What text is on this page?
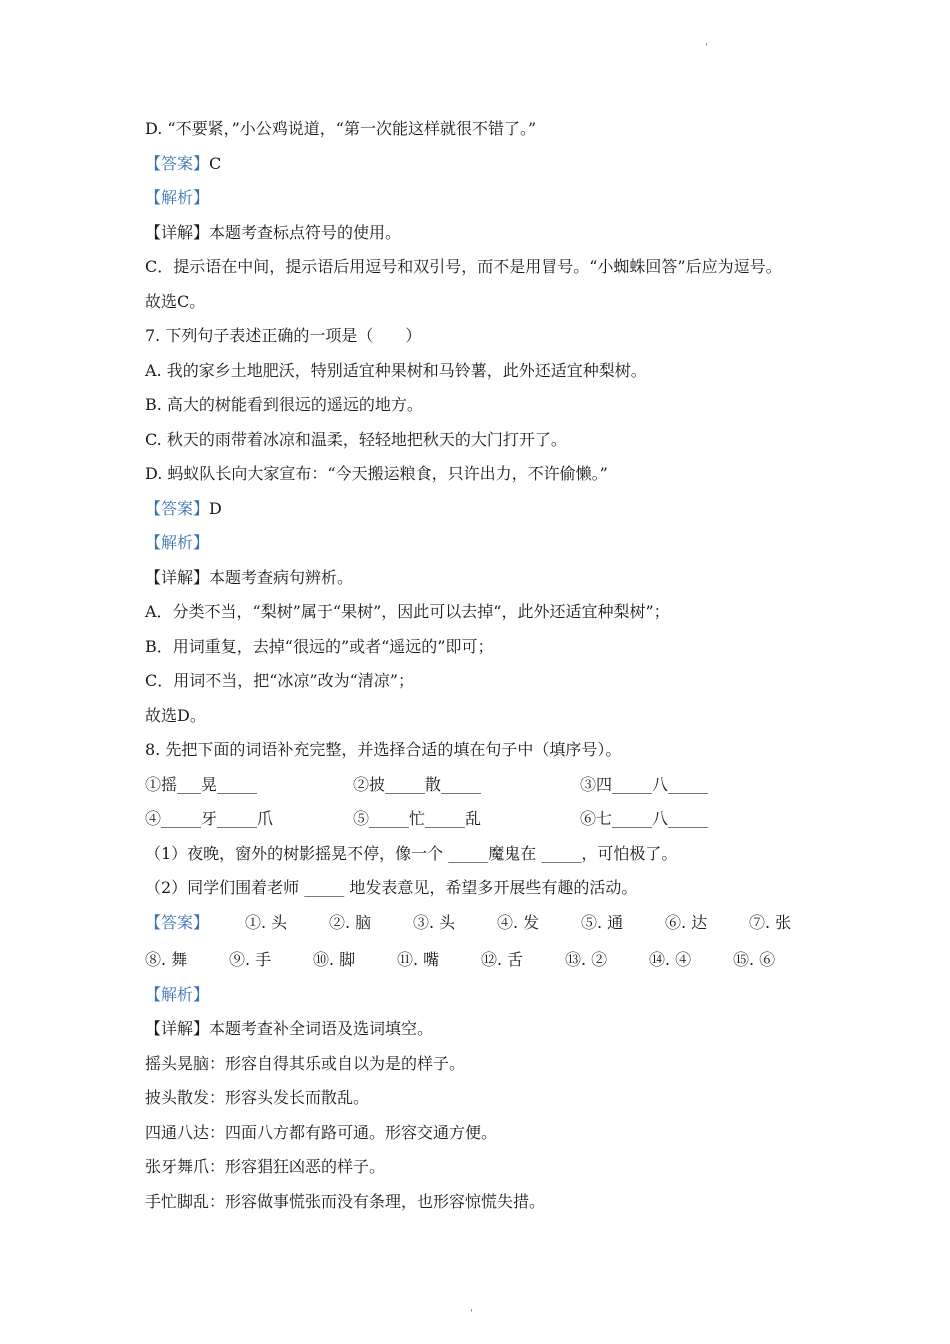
ˌ
D. “不要紧，”小公鸡说道，“第一次能这样就很不错了。”
【答案】C
【解析】
【详解】本题考查标点符号的使用。
C．提示语在中间，提示语后用逗号和双引号，而不是用冒号。“小蜘蛛回答”后应为逗号。
故选C。
7. 下列句子表述正确的一项是（　　）
A. 我的家乡土地肥沃，特别适宜种果树和马铃薯，此外还适宜种梨树。
B. 高大的树能看到很远的遥远的地方。
C. 秋天的雨带着冰凉和温柔，轻轻地把秋天的大门打开了。
D. 蚂蚁队长向大家宣布：“今天搬运粮食，只许出力，不许偷懒。”
【答案】D
【解析】
【详解】本题考查病句辨析。
A．分类不当，“梨树”属于“果树”，因此可以去掉“，此外还适宜种梨树”；
B．用词重复，去掉“很远的”或者“遥远的”即可；
C．用词不当，把“冰凉”改为“清凉”；
故选D。
8. 先把下面的词语补充完整，并选择合适的填在句子中（填序号）。
①摇___晃_____	②披_____散_____	③四_____八_____
④_____牙_____爪	⑤_____忙_____乱	⑥七_____八_____
（1）夜晚，窗外的树影摇晃不停，像一个 _____魔鬼在 _____，可怕极了。
（2）同学们围着老师 _____ 地发表意见，希望多开展些有趣的活动。
【答案】	①. 头	②. 脑	③. 头	④. 发	⑤. 通	⑥. 达	⑦. 张
⑧. 舞	⑨. 手	⑩. 脚	⑪. 嘴	⑫. 舌	⑬. ②	⑭. ④	⑮. ⑥
【解析】
【详解】本题考查补全词语及选词填空。
摇头晃脑：形容自得其乐或自以为是的样子。
披头散发：形容头发长而散乱。
四通八达：四面八方都有路可通。形容交通方便。
张牙舞爪：形容猖狂凶恶的样子。
手忙脚乱：形容做事慌张而没有条理，也形容惊慌失措。
ˌ
